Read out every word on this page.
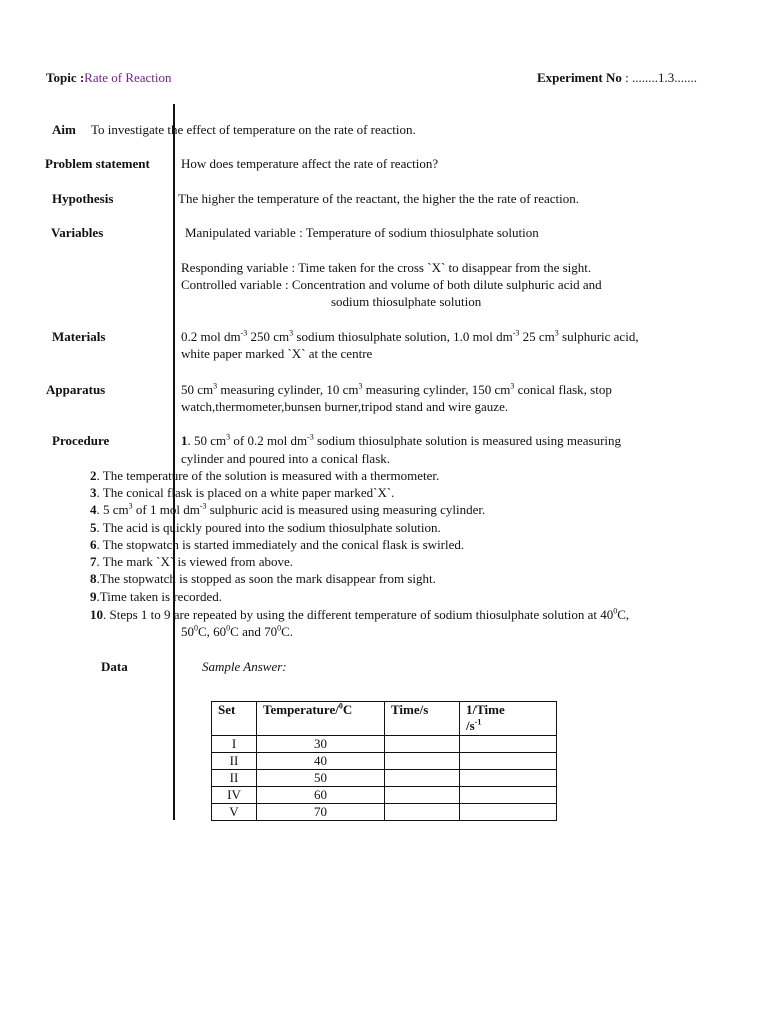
Topic :Rate of Reaction	Experiment No : ........1.3.......
Aim To investigate the effect of temperature on the rate of reaction.
Problem statement How does temperature affect the rate of reaction?
Hypothesis	The higher the temperature of the reactant, the higher the the rate of reaction.
Variables	Manipulated variable : Temperature of sodium thiosulphate solution
Responding variable : Time taken for the cross `X` to disappear from the sight.
Controlled variable : Concentration and volume of both dilute sulphuric acid and
sodium thiosulphate solution
Materials	0.2 mol $dm^{-3}$ 250 $cm^3$ sodium thiosulphate solution, 1.0 mol $dm^{-3}$ 25 $cm^3$ sulphuric acid,
white paper marked `X` at the centre
Apparatus	50 $cm^3$ measuring cylinder, 10 $cm^3$ measuring cylinder, 150 $cm^3$ conical flask, stop
watch,thermometer,bunsen burner,tripod stand and wire gauze.
Procedure	1. 50 $cm^3$ of 0.2 mol $dm^{-3}$ sodium thiosulphate solution is measured using measuring
cylinder and poured into a conical flask.
2. The temperature of the solution is measured with a thermometer.
3. The conical flask is placed on a white paper marked`X`.
4. 5 $cm^3$ of 1 mol $dm^{-3}$ sulphuric acid is measured using measuring cylinder.
5. The acid is quickly poured into the sodium thiosulphate solution.
6. The stopwatch is started immediately and the conical flask is swirled.
7. The mark `X` is viewed from above.
8.The stopwatch is stopped as soon the mark disappear from sight.
9.Time taken is recorded.
10. Steps 1 to 9 are repeated by using the different temperature of sodium thiosulphate solution at $40^0C$,
$50^0C$, $60^0C$ and $70^0C$.
Data	Sample Answer:
Set	Temperature/$^0$C	Time/s	1/Time
$/s^{-1}$
I	30		
II	40		
II	50		
IV	60		
V	70		
